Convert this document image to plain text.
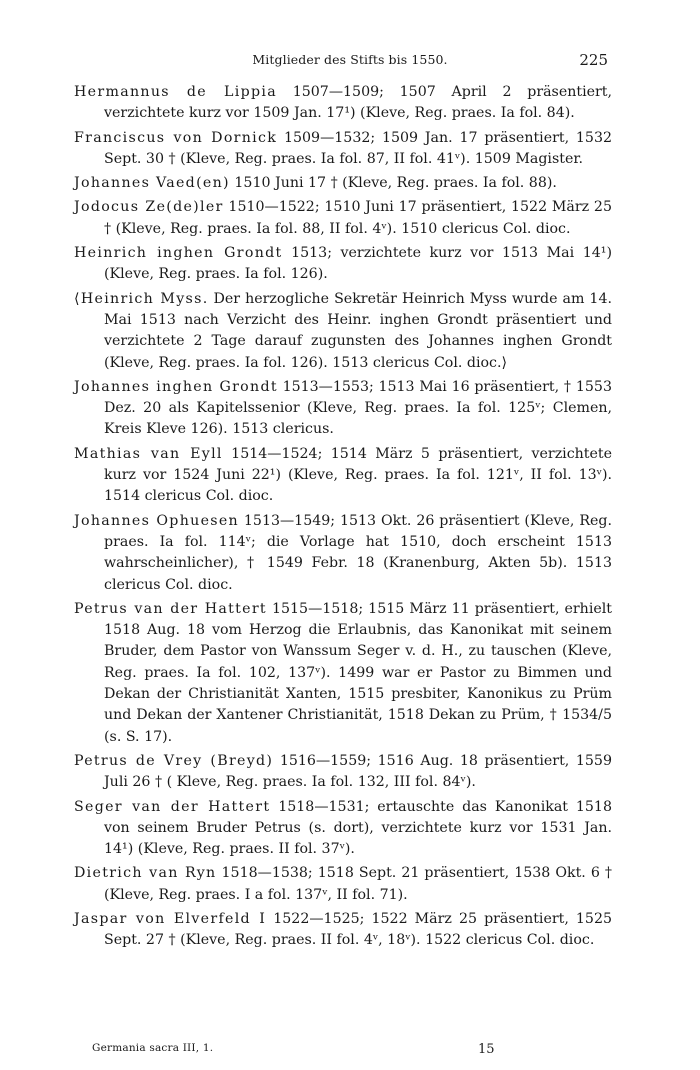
Mitglieder des Stifts bis 1550.	225

Hermannus de Lippia 1507—1509; 1507 April 2 präsentiert, verzichtete kurz vor 1509 Jan. 17¹) (Kleve, Reg. praes. Ia fol. 84).

Franciscus von Dornick 1509—1532; 1509 Jan. 17 präsentiert, 1532 Sept. 30 † (Kleve, Reg. praes. Ia fol. 87, II fol. 41ᵛ). 1509 Magister.

Johannes Vaed(en) 1510 Juni 17 † (Kleve, Reg. praes. Ia fol. 88).

Jodocus Ze(de)ler 1510—1522; 1510 Juni 17 präsentiert, 1522 März 25 † (Kleve, Reg. praes. Ia fol. 88, II fol. 4ᵛ). 1510 clericus Col. dioc.

Heinrich inghen Grondt 1513; verzichtete kurz vor 1513 Mai 14¹) (Kleve, Reg. praes. Ia fol. 126).

⟨Heinrich Myss. Der herzogliche Sekretär Heinrich Myss wurde am 14. Mai 1513 nach Verzicht des Heinr. inghen Grondt präsentiert und verzichtete 2 Tage darauf zugunsten des Johannes inghen Grondt (Kleve, Reg. praes. Ia fol. 126). 1513 clericus Col. dioc.⟩

Johannes inghen Grondt 1513—1553; 1513 Mai 16 präsentiert, † 1553 Dez. 20 als Kapitelssenior (Kleve, Reg. praes. Ia fol. 125ᵛ; Clemen, Kreis Kleve 126). 1513 clericus.

Mathias van Eyll 1514—1524; 1514 März 5 präsentiert, verzichtete kurz vor 1524 Juni 22¹) (Kleve, Reg. praes. Ia fol. 121ᵛ, II fol. 13ᵛ). 1514 clericus Col. dioc.

Johannes Ophuesen 1513—1549; 1513 Okt. 26 präsentiert (Kleve, Reg. praes. Ia fol. 114ᵛ; die Vorlage hat 1510, doch erscheint 1513 wahrscheinlicher), † 1549 Febr. 18 (Kranenburg, Akten 5b). 1513 clericus Col. dioc.

Petrus van der Hattert 1515—1518; 1515 März 11 präsentiert, erhielt 1518 Aug. 18 vom Herzog die Erlaubnis, das Kanonikat mit seinem Bruder, dem Pastor von Wanssum Seger v. d. H., zu tauschen (Kleve, Reg. praes. Ia fol. 102, 137ᵛ). 1499 war er Pastor zu Bimmen und Dekan der Christianität Xanten, 1515 presbiter, Kanonikus zu Prüm und Dekan der Xantener Christianität, 1518 Dekan zu Prüm, † 1534/5 (s. S. 17).

Petrus de Vrey (Breyd) 1516—1559; 1516 Aug. 18 präsentiert, 1559 Juli 26 † ( Kleve, Reg. praes. Ia fol. 132, III fol. 84ᵛ).

Seger van der Hattert 1518—1531; ertauschte das Kanonikat 1518 von seinem Bruder Petrus (s. dort), verzichtete kurz vor 1531 Jan. 14¹) (Kleve, Reg. praes. II fol. 37ᵛ).

Dietrich van Ryn 1518—1538; 1518 Sept. 21 präsentiert, 1538 Okt. 6 † (Kleve, Reg. praes. I a fol. 137ᵛ, II fol. 71).

Jaspar von Elverfeld I 1522—1525; 1522 März 25 präsentiert, 1525 Sept. 27 † (Kleve, Reg. praes. II fol. 4ᵛ, 18ᵛ). 1522 clericus Col. dioc.

Germania sacra III, 1.	15
